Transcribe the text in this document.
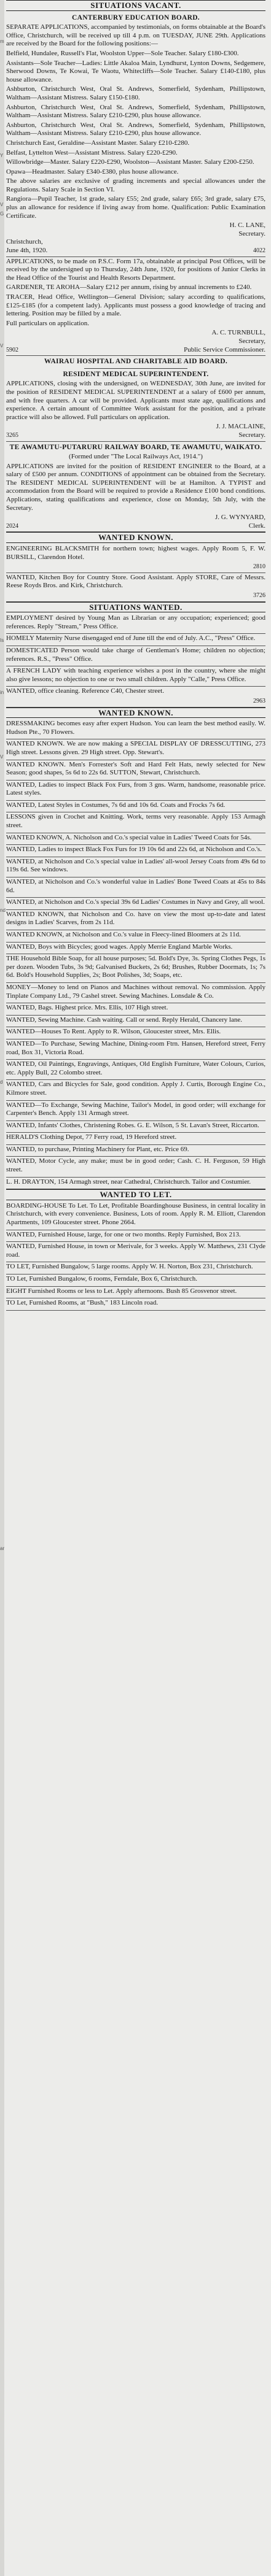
m
Y
V
G
V
Is
in
V
nd
d
ar
SITUATIONS VACANT.
CANTERBURY EDUCATION BOARD.

SEPARATE APPLICATIONS, accompanied by testimonials, on forms obtainable at the Board's Office, Christchurch, will be received up till 4 p.m. on TUESDAY, JUNE 29th. Applications are received by the Board for the following positions:—

Belfield, Hundalee, Russell's Flat, Woolston Upper—Sole Teacher. Salary £180-£300.

Assistants—Sole Teacher—Ladies: Little Akaloa Main, Lyndhurst, Lynton Downs, Sedgemere, Sherwood Downs, Te Kowai, Te Waotu, Whitecliffs—Sole Teacher. Salary £140-£180, plus house allowance.

Ashburton, Christchurch West, Oral St. Andrews, Somerfield, Sydenham, Phillipstown, Waltham—Assistant Mistress. Salary £150-£180.

Ashburton, Christchurch West, Oral St. Andrews, Somerfield, Sydenham, Phillipstown, Waltham—Assistant Mistress. Salary £210-£290, plus house allowance.

Ashburton, Christchurch West, Oral St. Andrews, Somerfield, Sydenham, Phillipstown, Waltham—Assistant Mistress. Salary £210-£290, plus house allowance.

Christchurch East, Geraldine—Assistant Master. Salary £210-£280.

Belfast, Lyttelton West—Assistant Mistress. Salary £220-£290.

Willowbridge—Master. Salary £220-£290, Woolston—Assistant Master. Salary £200-£250.

Opawa—Headmaster. Salary £340-£380, plus house allowance.

The above salaries are exclusive of grading increments and special allowances under the Regulations. Salary Scale in Section VI.

Rangiora—Pupil Teacher, 1st grade, salary £55; 2nd grade, salary £65; 3rd grade, salary £75, plus an allowance for residence if living away from home. Qualification: Public Examination Certificate.

H. C. LANE,

Secretary.

Christchurch,
June 4th, 1920.	4022

APPLICATIONS, to be made on P.S.C. Form 17a, obtainable at principal Post Offices, will be received by the undersigned up to Thursday, 24th June, 1920, for positions of Junior Clerks in the Head Office of the Tourist and Health Resorts Department.

GARDENER, TE AROHA—Salary £212 per annum, rising by annual increments to £240.

TRACER, Head Office, Wellington—General Division; salary according to qualifications, £125-£185 (for a competent lady). Applicants must possess a good knowledge of tracing and lettering. Position may be filled by a male.

Full particulars on application.

A. C. TURNBULL,

Secretary,

5902	Public Service Commissioner.
WAIRAU HOSPITAL AND CHARITABLE AID BOARD.
RESIDENT MEDICAL SUPERINTENDENT.

APPLICATIONS, closing with the undersigned, on WEDNESDAY, 30th June, are invited for the position of RESIDENT MEDICAL SUPERINTENDENT at a salary of £600 per annum, and with free quarters. A car will be provided. Applicants must state age, qualifications and experience. A certain amount of Committee Work assistant for the position, and a private practice will also be allowed. Full particulars on application.

J. J. MACLAINE,

3265	Secretary.
TE AWAMUTU-PUTARURU RAILWAY BOARD, TE AWAMUTU, WAIKATO.

(Formed under "The Local Railways Act, 1914.")

APPLICATIONS are invited for the position of RESIDENT ENGINEER to the Board, at a salary of £500 per annum. CONDITIONS of appointment can be obtained from the Secretary. The RESIDENT MEDICAL SUPERINTENDENT will be at Hamilton. A TYPIST and accommodation from the Board will be required to provide a Residence £100 bond conditions. Applications, stating qualifications and experience, close on Monday, 5th July, with the Secretary.

J. G. WYNYARD,

2024	Clerk.
WANTED KNOWN.

ENGINEERING BLACKSMITH for northern town; highest wages. Apply Room 5, F. W. BURSILL, Clarendon Hotel.

2810

WANTED, Kitchen Boy for Country Store. Good Assistant. Apply STORE, Care of Messrs. Reese Royds Bros. and Kirk, Christchurch.

3726

SITUATIONS WANTED.

EMPLOYMENT desired by Young Man as Librarian or any occupation; experienced; good references. Reply "Stream," Press Office.

HOMELY Maternity Nurse disengaged end of June till the end of July. A.C., "Press" Office.

DOMESTICATED Person would take charge of Gentleman's Home; children no objection; references. R.S., "Press" Office.

A FRENCH LADY with teaching experience wishes a post in the country, where she might also give lessons; no objection to one or two small children. Apply "Calle," Press Office.

WANTED, office cleaning. Reference C40, Chester street.

2963

WANTED KNOWN.

DRESSMAKING becomes easy after expert Hudson. You can learn the best method easily. W. Hudson Pte., 70 Flowers.

WANTED KNOWN. We are now making a SPECIAL DISPLAY OF DRESSCUTTING, 273 High street. Lessons given. 29 High street. Opp. Stewart's.

WANTED KNOWN. Men's Forrester's Soft and Hard Felt Hats, newly selected for New Season; good shapes, 5s 6d to 22s 6d. SUTTON, Stewart, Christchurch.

WANTED, Ladies to inspect Black Fox Furs, from 3 gns. Warm, handsome, reasonable price. Latest styles.

WANTED, Latest Styles in Costumes, 7s 6d and 10s 6d. Coats and Frocks 7s 6d.

LESSONS given in Crochet and Knitting. Work, terms very reasonable. Apply 153 Armagh street.

WANTED KNOWN, A. Nicholson and Co.'s special value in Ladies' Tweed Coats for 54s.

WANTED, Ladies to inspect Black Fox Furs for 19 10s 6d and 22s 6d, at Nicholson and Co.'s.

WANTED, at Nicholson and Co.'s special value in Ladies' all-wool Jersey Coats from 49s 6d to 119s 6d. See windows.

WANTED, at Nicholson and Co.'s wonderful value in Ladies' Bone Tweed Coats at 45s to 84s 6d.

WANTED, at Nicholson and Co.'s special 39s 6d Ladies' Costumes in Navy and Grey, all wool.

WANTED KNOWN, that Nicholson and Co. have on view the most up-to-date and latest designs in Ladies' Scarves, from 2s 11d.

WANTED KNOWN, at Nicholson and Co.'s value in Fleecy-lined Bloomers at 2s 11d.

WANTED, Boys with Bicycles; good wages. Apply Merrie England Marble Works.

THE Household Bible Soap, for all house purposes; 5d. Bold's Dye, 3s. Spring Clothes Pegs, 1s per dozen. Wooden Tubs, 3s 9d; Galvanised Buckets, 2s 6d; Brushes, Rubber Doormats, 1s; 7s 6d. Bold's Household Supplies, 2s; Boot Polishes, 3d; Soaps, etc.

MONEY—Money to lend on Pianos and Machines without removal. No commission. Apply Tinplate Company Ltd., 79 Cashel street. Sewing Machines. Lonsdale & Co.

WANTED, Bags. Highest price. Mrs. Ellis, 107 High street.

WANTED, Sewing Machine. Cash waiting. Call or send. Reply Herald, Chancery lane.

WANTED—Houses To Rent. Apply to R. Wilson, Gloucester street, Mrs. Ellis.

WANTED—To Purchase, Sewing Machine, Dining-room Ftrn. Hansen, Hereford street, Ferry road, Box 31, Victoria Road.

WANTED, Oil Paintings, Engravings, Antiques, Old English Furniture, Water Colours, Curios, etc. Apply Bull, 22 Colombo street.

WANTED, Cars and Bicycles for Sale, good condition. Apply J. Curtis, Borough Engine Co., Kilmore street.

WANTED—To Exchange, Sewing Machine, Tailor's Model, in good order; will exchange for Carpenter's Bench. Apply 131 Armagh street.

WANTED, Infants' Clothes, Christening Robes. G. E. Wilson, 5 St. Lavan's Street, Riccarton.

HERALD'S Clothing Depot, 77 Ferry road, 19 Hereford street.

WANTED, to purchase, Printing Machinery for Plant, etc. Price 69.

WANTED, Motor Cycle, any make; must be in good order; Cash. C. H. Ferguson, 59 High street.

L. H. DRAYTON, 154 Armagh street, near Cathedral, Christchurch. Tailor and Costumier.

WANTED TO LET.

BOARDING-HOUSE To Let. To Let, Profitable Boardinghouse Business, in central locality in Christchurch, with every convenience. Business, Lots of room. Apply R. M. Elliott, Clarendon Apartments, 109 Gloucester street. Phone 2664.

WANTED, Furnished House, large, for one or two months. Reply Furnished, Box 213.

WANTED, Furnished House, in town or Merivale, for 3 weeks. Apply W. Matthews, 231 Clyde road.

TO LET, Furnished Bungalow, 5 large rooms. Apply W. H. Norton, Box 231, Christchurch.

TO Let, Furnished Bungalow, 6 rooms, Ferndale, Box 6, Christchurch.

EIGHT Furnished Rooms or less to Let. Apply afternoons. Bush 85 Grosvenor street.

TO Let, Furnished Rooms, at "Bush," 183 Lincoln road.
